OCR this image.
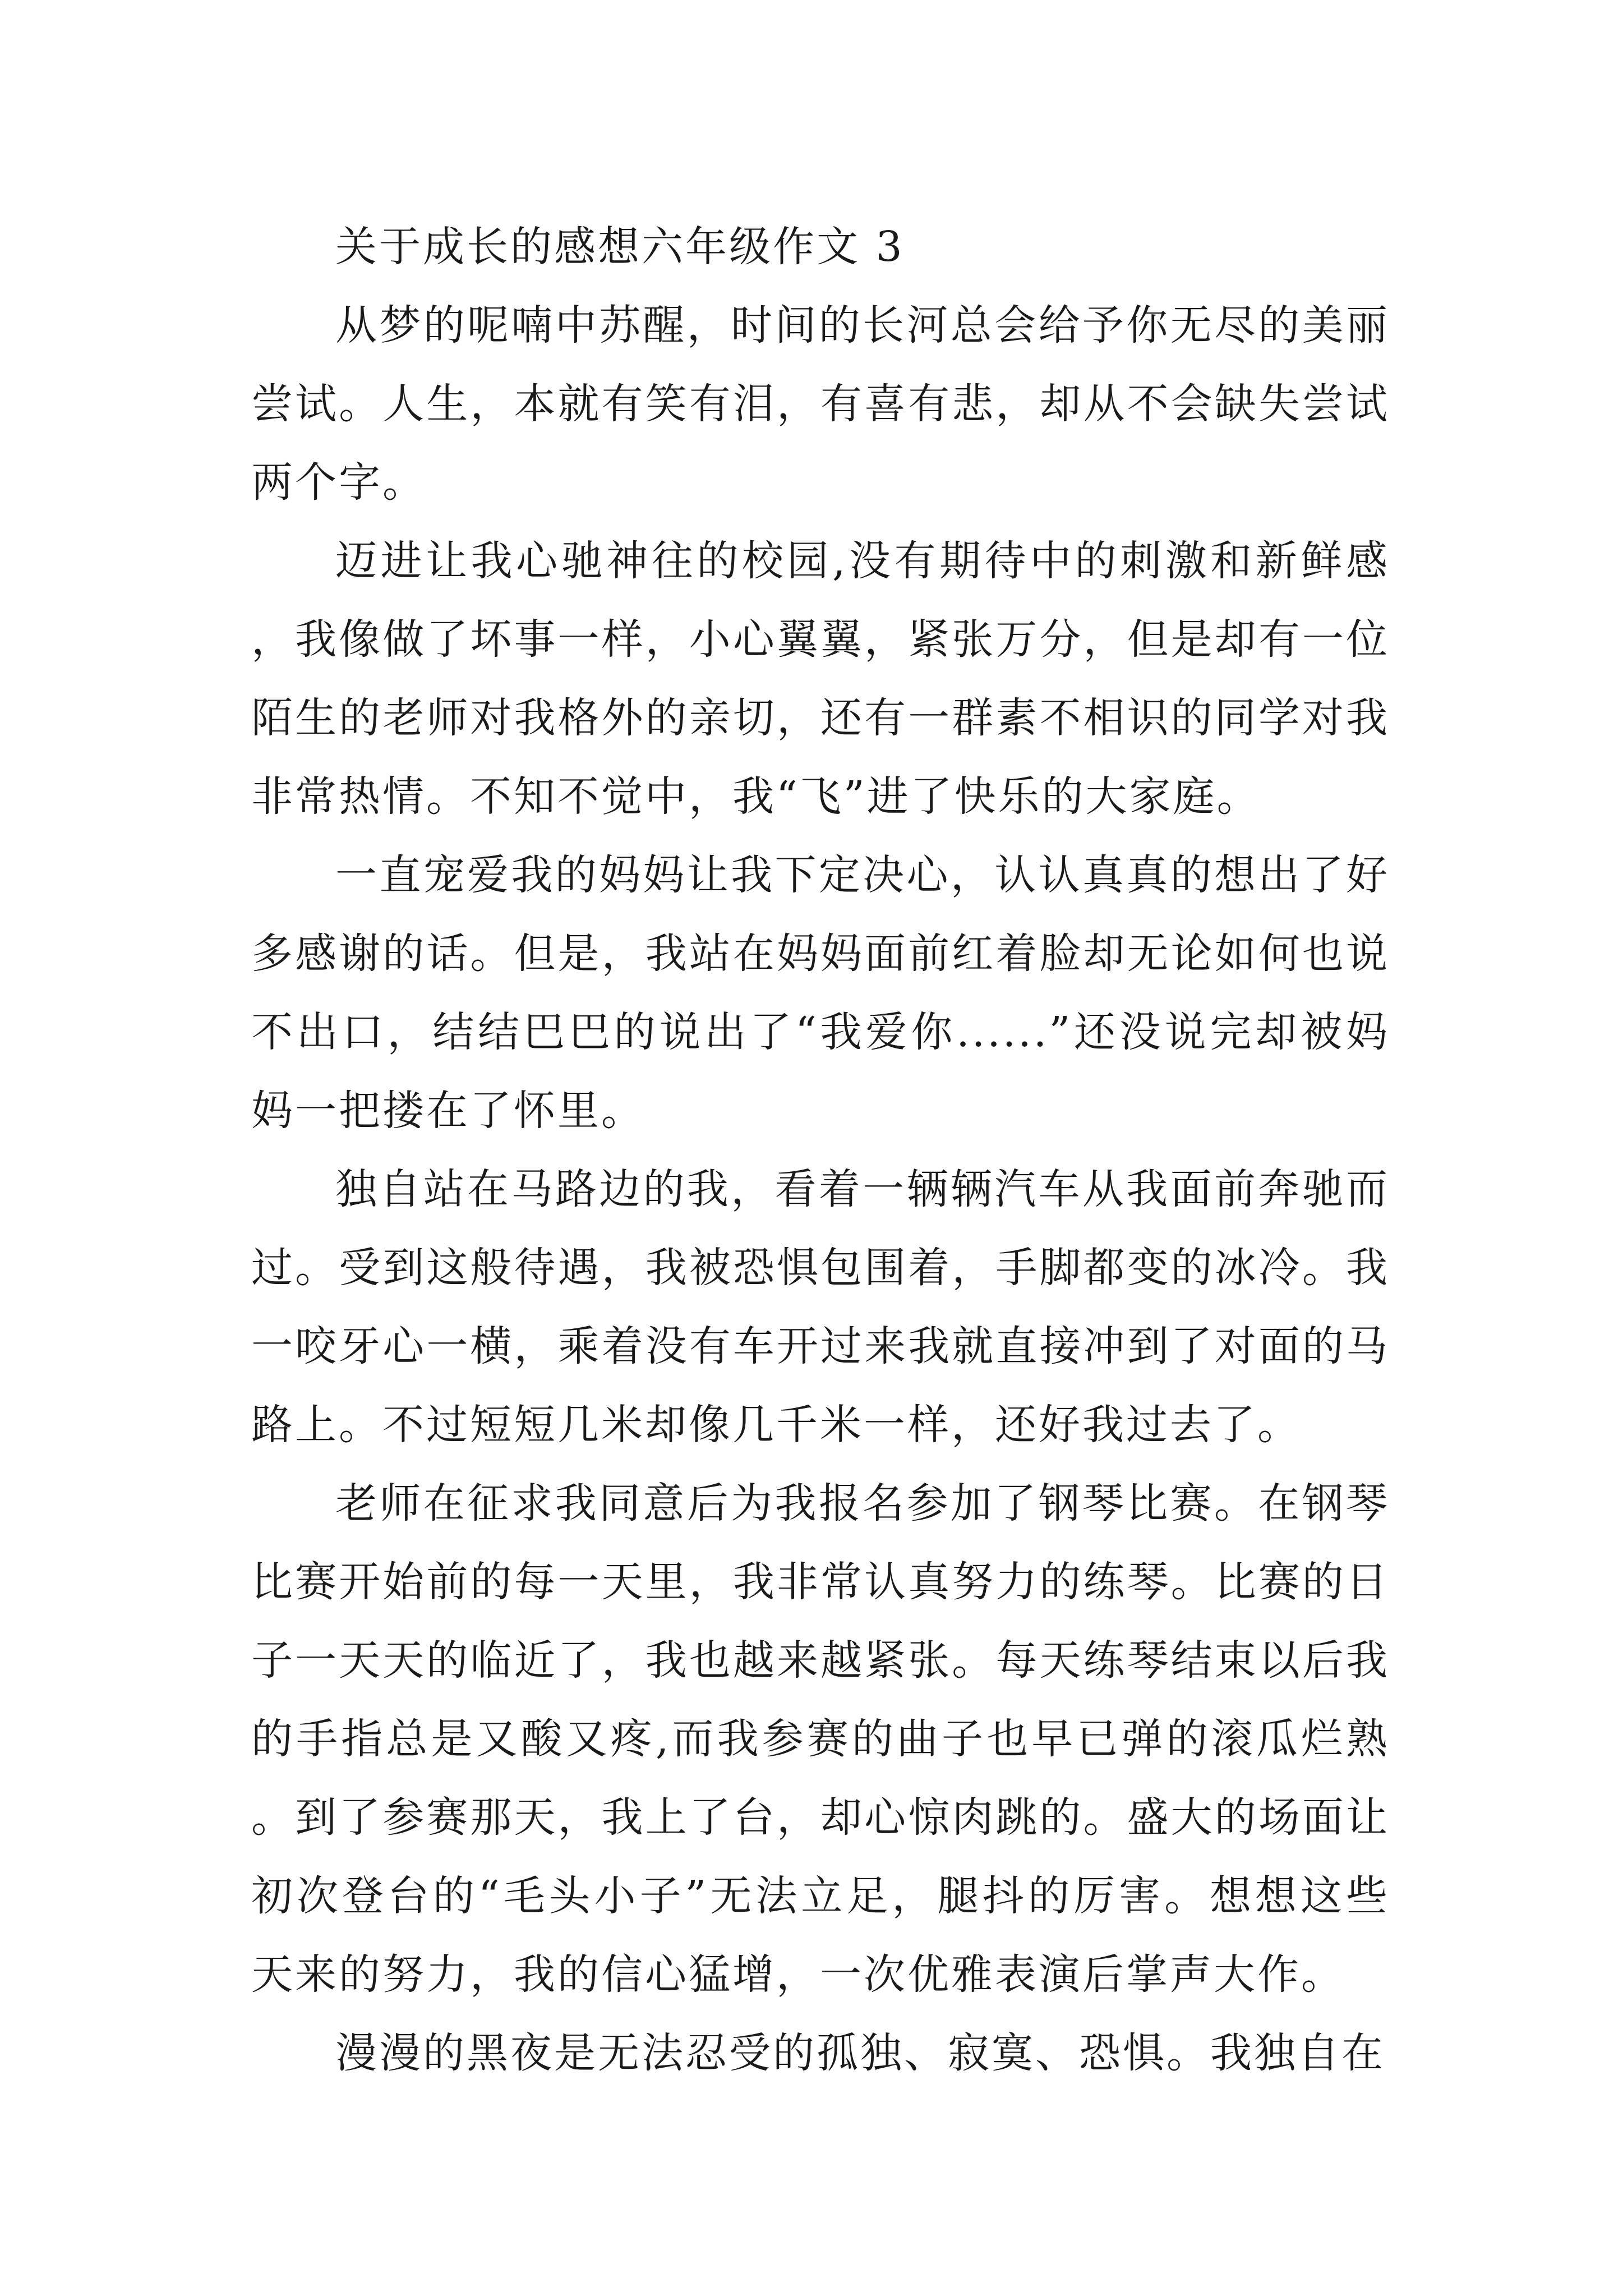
关于成长的感想六年级作文 3

从梦的呢喃中苏醒，时间的长河总会给予你无尽的美丽尝试。人生，本就有笑有泪，有喜有悲，却从不会缺失尝试两个字。

迈进让我心驰神往的校园,没有期待中的刺激和新鲜感，我像做了坏事一样，小心翼翼，紧张万分，但是却有一位陌生的老师对我格外的亲切，还有一群素不相识的同学对我非常热情。不知不觉中，我“飞”进了快乐的大家庭。

一直宠爱我的妈妈让我下定决心，认认真真的想出了好多感谢的话。但是，我站在妈妈面前红着脸却无论如何也说不出口，结结巴巴的说出了“我爱你......”还没说完却被妈妈一把搂在了怀里。

独自站在马路边的我，看着一辆辆汽车从我面前奔驰而过。受到这般待遇，我被恐惧包围着，手脚都变的冰冷。我一咬牙心一横，乘着没有车开过来我就直接冲到了对面的马路上。不过短短几米却像几千米一样，还好我过去了。

老师在征求我同意后为我报名参加了钢琴比赛。在钢琴比赛开始前的每一天里，我非常认真努力的练琴。比赛的日子一天天的临近了，我也越来越紧张。每天练琴结束以后我的手指总是又酸又疼,而我参赛的曲子也早已弹的滚瓜烂熟。到了参赛那天，我上了台，却心惊肉跳的。盛大的场面让初次登台的“毛头小子”无法立足，腿抖的厉害。想想这些天来的努力，我的信心猛增，一次优雅表演后掌声大作。

漫漫的黑夜是无法忍受的孤独、寂寞、恐惧。我独自在
